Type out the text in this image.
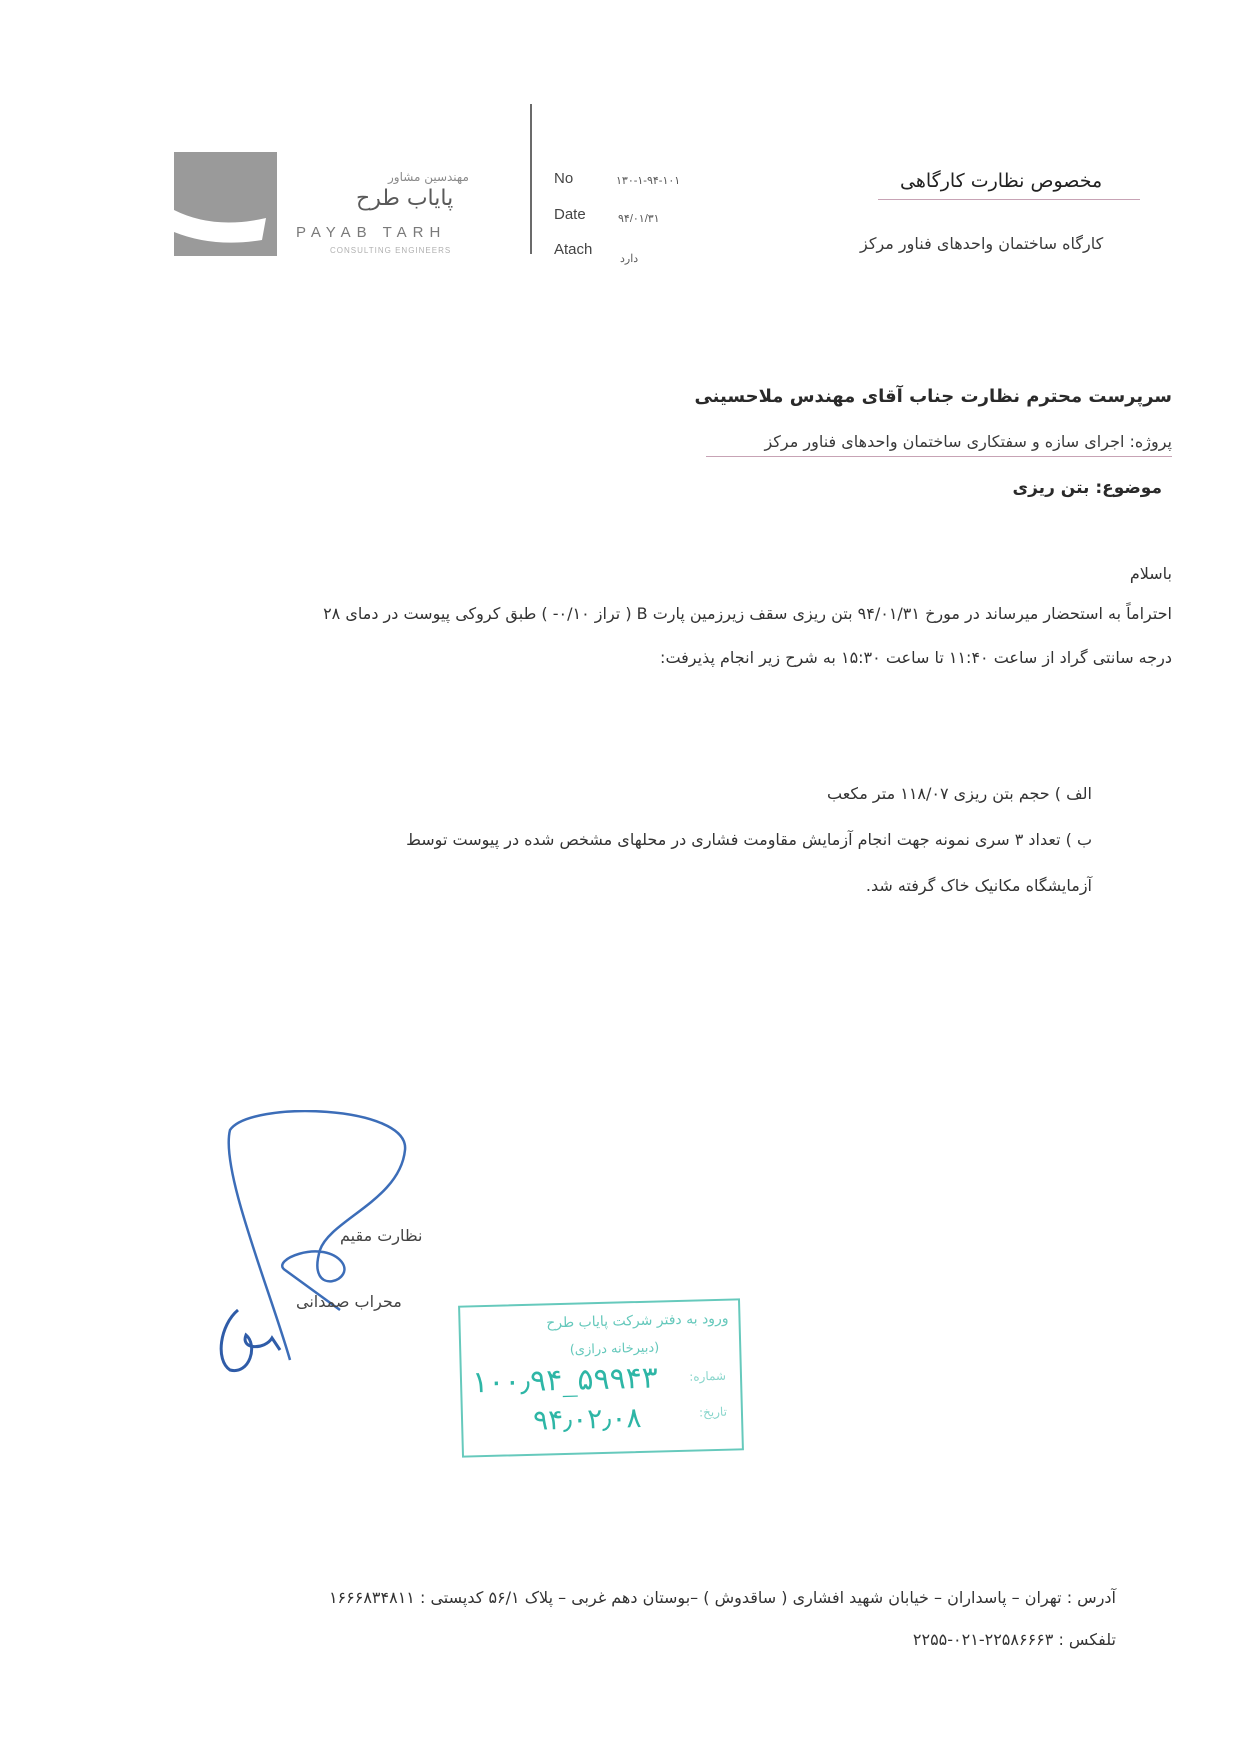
مهندسین مشاور
پایاب طرح
PAYAB TARH
CONSULTING ENGINEERS
No	۱۳۰-۱-۹۴-۱۰۱
Date	۹۴/۰۱/۳۱
Atach
دارد
مخصوص نظارت کارگاهی
کارگاه ساختمان واحدهای فناور مرکز
سرپرست محترم نظارت جناب آقای مهندس ملاحسینی
پروژه: اجرای سازه و سفتکاری ساختمان واحدهای فناور مرکز
موضوع: بتن ریزی
باسلام
احتراماً به استحضار میرساند در مورخ ۹۴/۰۱/۳۱ بتن ریزی سقف زیرزمین پارت B ( تراز ۰/۱۰- ) طبق کروکی پیوست در دمای ۲۸
درجه سانتی گراد از ساعت ۱۱:۴۰ تا ساعت ۱۵:۳۰ به شرح زیر انجام پذیرفت:
الف ) حجم بتن ریزی ۱۱۸/۰۷ متر مکعب
ب ) تعداد ۳ سری نمونه جهت انجام آزمایش مقاومت فشاری در محلهای مشخص شده در پیوست توسط
آزمایشگاه مکانیک خاک گرفته شد.
نظارت مقیم
محراب صمدانی
ورود به دفتر شرکت پایاب طرح
(دبیرخانه درازی)
شماره:
تاریخ:
۱۰۰٫۹۴_۵۹۹۴۳
۹۴٫۰۲٫۰۸
آدرس : تهران – پاسداران – خیابان شهید افشاری ( ساقدوش ) –بوستان دهم غربی – پلاک ۵۶/۱ کدپستی : ۱۶۶۶۸۳۴۸۱۱
تلفکس : ۲۲۵۸۶۶۶۳-۰۲۱-۲۲۵۵
